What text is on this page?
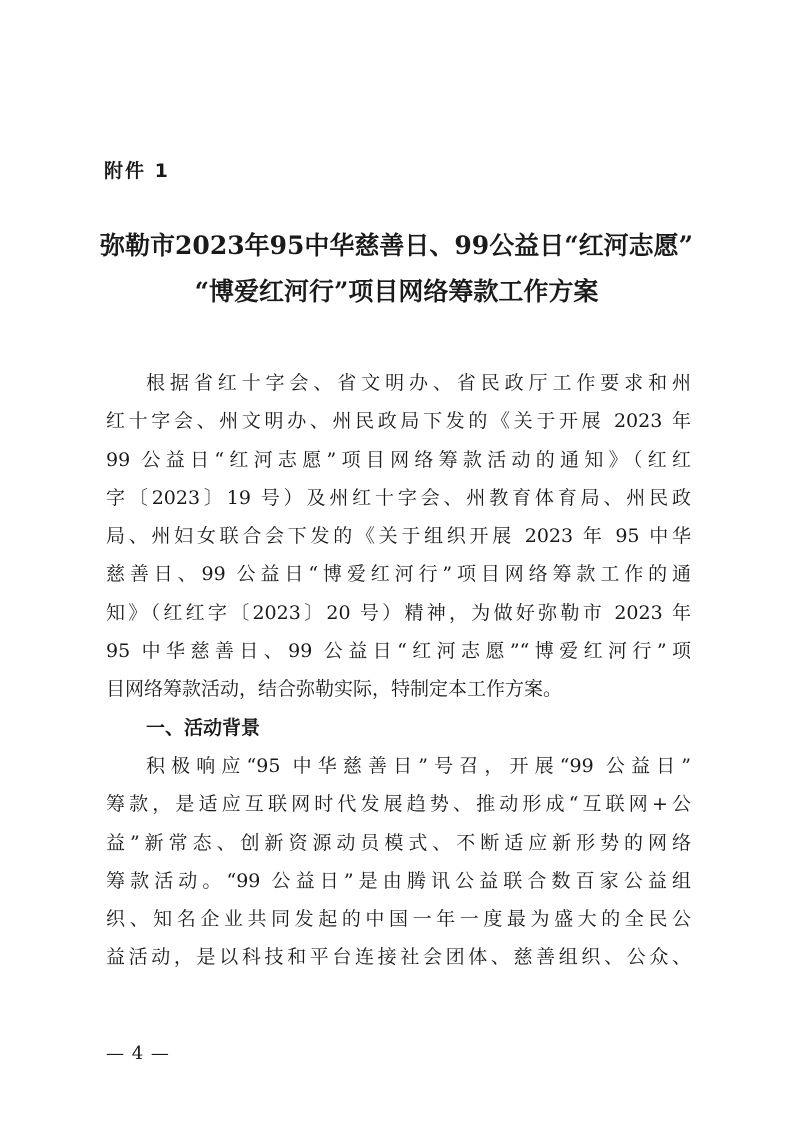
附件 1
弥勒市2023年95中华慈善日、99公益日“红河志愿”
“博爱红河行”项目网络筹款工作方案
根据省红十字会、省文明办、省民政厅工作要求和州
红十字会、州文明办、州民政局下发的《关于开展 2023 年
99 公益日“红河志愿”项目网络筹款活动的通知》（红红
字〔2023〕19 号）及州红十字会、州教育体育局、州民政
局、州妇女联合会下发的《关于组织开展 2023 年 95 中华
慈善日、99 公益日“博爱红河行”项目网络筹款工作的通
知》（红红字〔2023〕20 号）精神，为做好弥勒市 2023 年
95 中华慈善日、99 公益日“红河志愿”“博爱红河行”项
目网络筹款活动，结合弥勒实际，特制定本工作方案。
一、活动背景
积极响应“95 中华慈善日”号召，开展“99 公益日”
筹款，是适应互联网时代发展趋势、推动形成“互联网+公
益”新常态、创新资源动员模式、不断适应新形势的网络
筹款活动。“99 公益日”是由腾讯公益联合数百家公益组
织、知名企业共同发起的中国一年一度最为盛大的全民公
益活动，是以科技和平台连接社会团体、慈善组织、公众、
— 4 —
